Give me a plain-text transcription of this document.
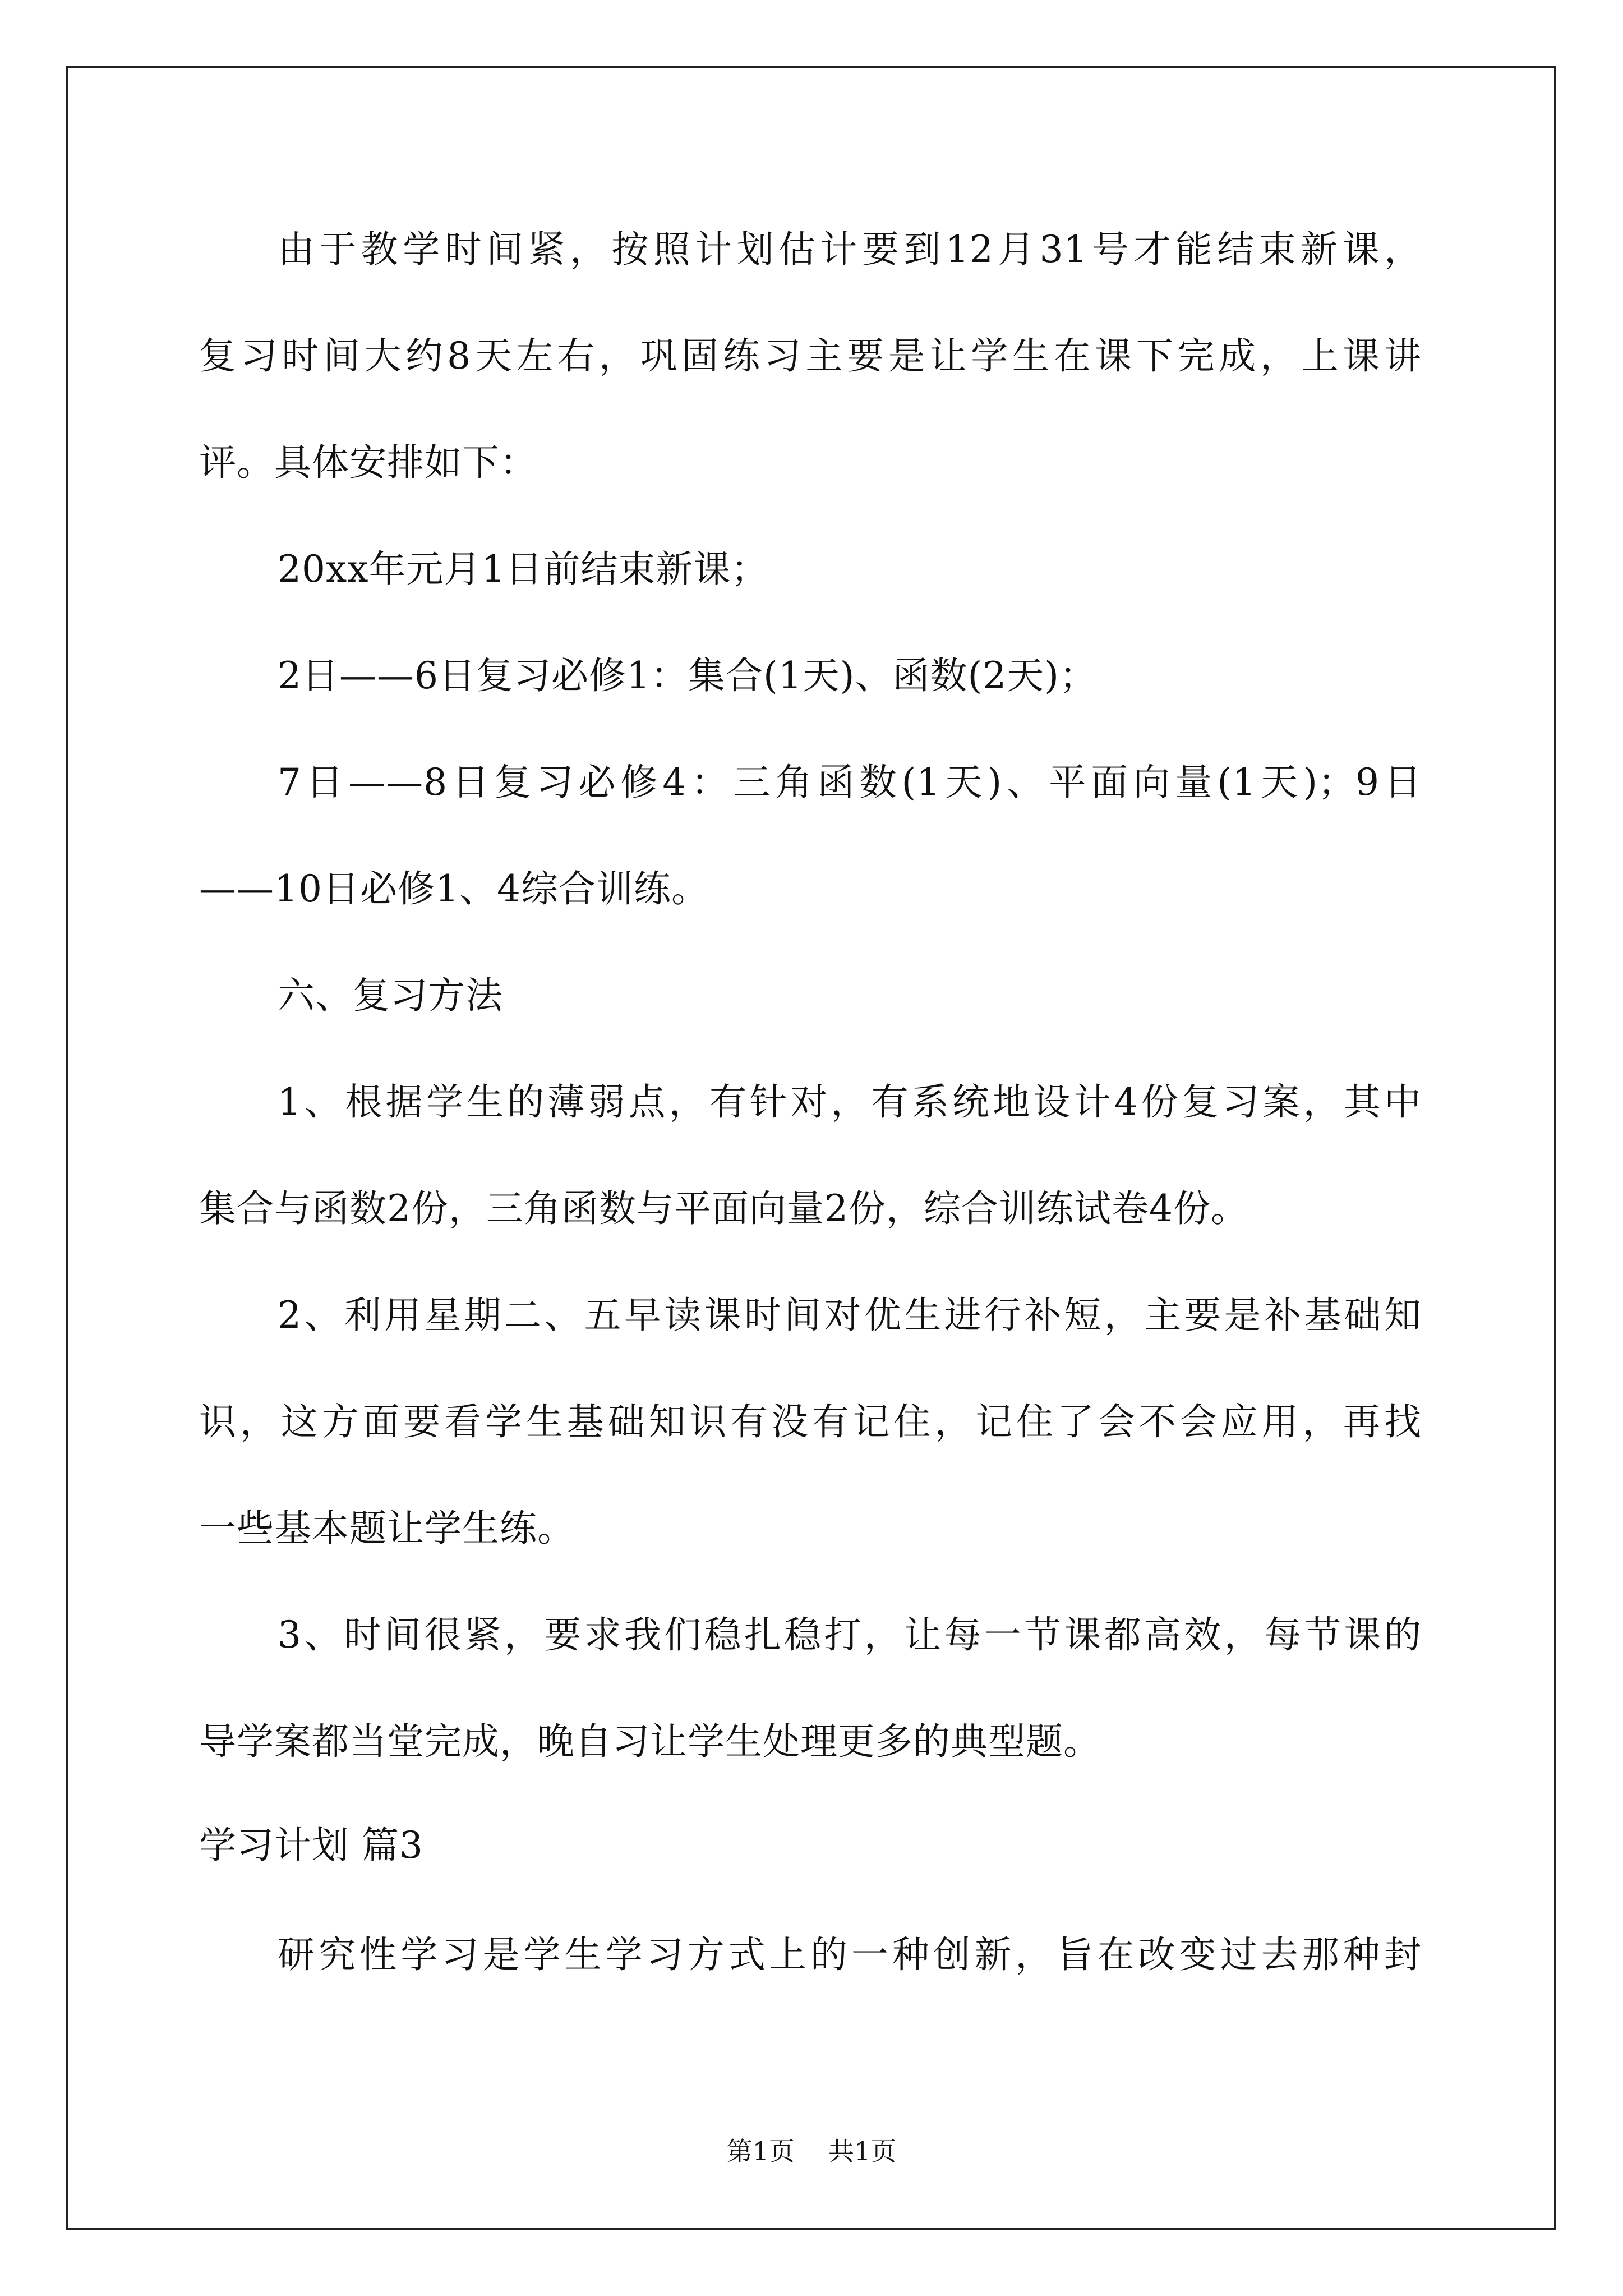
由于教学时间紧，按照计划估计要到12月31号才能结束新课，
复习时间大约8天左右，巩固练习主要是让学生在课下完成，上课讲
评。具体安排如下：
20xx年元月1日前结束新课；
2日——6日复习必修1：集合(1天)、函数(2天)；
7日——8日复习必修4：三角函数(1天)、平面向量(1天)；9日
——10日必修1、4综合训练。
六、复习方法
1、根据学生的薄弱点，有针对，有系统地设计4份复习案，其中
集合与函数2份，三角函数与平面向量2份，综合训练试卷4份。
2、利用星期二、五早读课时间对优生进行补短，主要是补基础知
识，这方面要看学生基础知识有没有记住，记住了会不会应用，再找
一些基本题让学生练。
3、时间很紧，要求我们稳扎稳打，让每一节课都高效，每节课的
导学案都当堂完成，晚自习让学生处理更多的典型题。
学习计划 篇3
研究性学习是学生学习方式上的一种创新，旨在改变过去那种封
第1页 共1页
